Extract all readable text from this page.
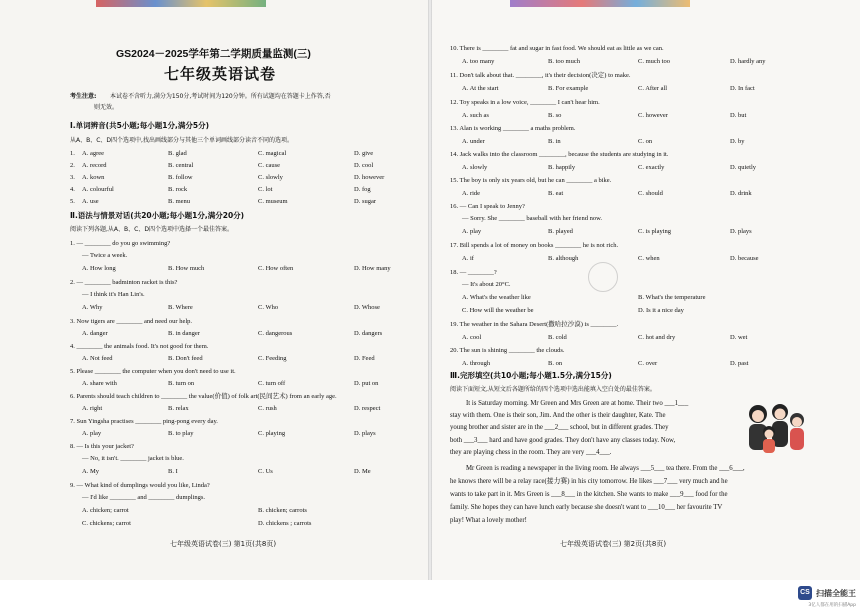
GS2024－2025学年第二学期质量监测(三)
七年级英语试卷
考生注意: 本试卷不含听力,满分为150分,考试时间为120分钟。所有试题均在答题卡上作答,否
则无效。
Ⅰ.单词辨音(共5小题;每小题1分,满分5分)
从A、B、C、D四个选项中,找出画线部分与其他三个单词画线部分读音不同的选项。
1. A. agree	B. glad	C. magical	D. give
2. A. record	B. central	C. cause	D. cool
3. A. kown	B. follow	C. slowly	D. however
4. A. colourful	B. rock	C. lot	D. fog
5. A. use	B. menu	C. museum	D. sugar
Ⅱ.语法与情景对话(共20小题;每小题1分,满分20分)
阅读下列各题,从A、B、C、D四个选项中选择一个最佳答案。
1. — ________ do you go swimming?
— Twice a week.
A. How long	B. How much	C. How often	D. How many
2. — ________ badminton racket is this?
— I think it's Han Lin's.
A. Why	B. Where	C. Who	D. Whose
3. Now tigers are ________ and need our help.
A. danger	B. in danger	C. dangerous	D. dangers
4. ________ the animals food. It's not good for them.
A. Not feed	B. Don't feed	C. Feeding	D. Feed
5. Please ________ the computer when you don't need to use it.
A. share with	B. turn on	C. turn off	D. put on
6. Parents should teach children to ________ the value(价值) of folk art(民间艺术) from an early age.
A. right	B. relax	C. rush	D. respect
7. Sun Yingsha practises ________ ping-pong every day.
A. play	B. to play	C. playing	D. plays
8. — Is this your jacket?
— No, it isn't. ________ jacket is blue.
A. My	B. I	C. Us	D. Me
9. — What kind of dumplings would you like, Linda?
— I'd like ________ and ________ dumplings.
A. chicken; carrot	B. chicken; carrots
C. chickens; carrot	D. chickens ; carrots
七年级英语试卷(三) 第1页(共8页)
10. There is ________ fat and sugar in fast food. We should eat as little as we can.
A. too many	B. too much	C. much too	D. hardly any
11. Don't talk about that. ________, it's their decision(决定) to make.
A. At the start	B. For example	C. After all	D. In fact
12. Toy speaks in a low voice, ________ I can't hear him.
A. such as	B. so	C. however	D. but
13. Alan is working ________ a maths problem.
A. under	B. in	C. on	D. by
14. Jack walks into the classroom ________, because the students are studying in it.
A. slowly	B. happily	C. exactly	D. quietly
15. The boy is only six years old, but he can ________ a bike.
A. ride	B. eat	C. should	D. drink
16. — Can I speak to Jenny?
— Sorry. She ________ baseball with her friend now.
A. play	B. played	C. is playing	D. plays
17. Bill spends a lot of money on books ________ he is not rich.
A. if	B. although	C. when	D. because
18. — ________?
— It's about 20°C.
A. What's the weather like	B. What's the temperature
C. How will the weather be	D. Is it a nice day
19. The weather in the Sahara Desert(撒哈拉沙漠) is ________.
A. cool	B. cold	C. hot and dry	D. wet
20. The sun is shining ________ the clouds.
A. through	B. on	C. over	D. past
Ⅲ.完形填空(共10小题;每小题1.5分,满分15分)
阅读下面短文,从短文后各题所给的四个选项中选出能填入空白处的最佳答案。
It is Saturday morning. Mr Green and Mrs Green are at home. Their two ___1___
stay with them. One is their son, Jim. And the other is their daughter, Kate. The
young brother and sister are in the ___2___ school, but in different grades. They
both ___3___ hard and have good grades. They don't have any classes today. Now,
they are playing chess in the room. They are very ___4___.
Mr Green is reading a newspaper in the living room. He always ___5___ tea there. From the ___6___,
he knows there will be a relay race(接力赛) in his city tomorrow. He likes ___7___ very much and he
wants to take part in it. Mrs Green is ___8___ in the kitchen. She wants to make ___9___ food for the
family. She hopes they can have lunch early because she doesn't want to ___10___ her favourite TV
play! What a lovely mother!
七年级英语试卷(三) 第2页(共8页)
CS 扫描全能王
3亿人都在用的扫描App
